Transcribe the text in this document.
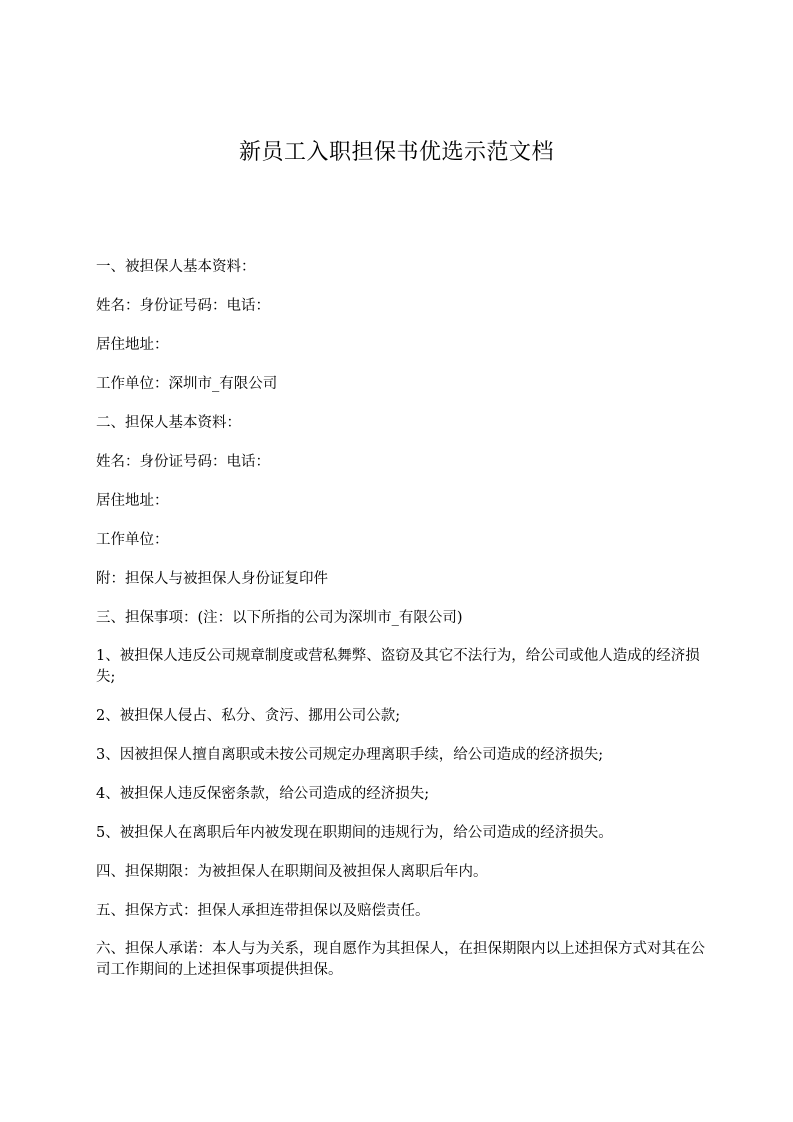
新员工入职担保书优选示范文档

一、被担保人基本资料：

姓名：身份证号码：电话：

居住地址：

工作单位：深圳市_有限公司

二、担保人基本资料：

姓名：身份证号码：电话：

居住地址：

工作单位：

附：担保人与被担保人身份证复印件

三、担保事项：(注：以下所指的公司为深圳市_有限公司)

1、被担保人违反公司规章制度或营私舞弊、盗窃及其它不法行为，给公司或他人造成的经济损失;

2、被担保人侵占、私分、贪污、挪用公司公款;

3、因被担保人擅自离职或未按公司规定办理离职手续，给公司造成的经济损失;

4、被担保人违反保密条款，给公司造成的经济损失;

5、被担保人在离职后年内被发现在职期间的违规行为，给公司造成的经济损失。

四、担保期限：为被担保人在职期间及被担保人离职后年内。

五、担保方式：担保人承担连带担保以及赔偿责任。

六、担保人承诺：本人与为关系，现自愿作为其担保人，在担保期限内以上述担保方式对其在公司工作期间的上述担保事项提供担保。
